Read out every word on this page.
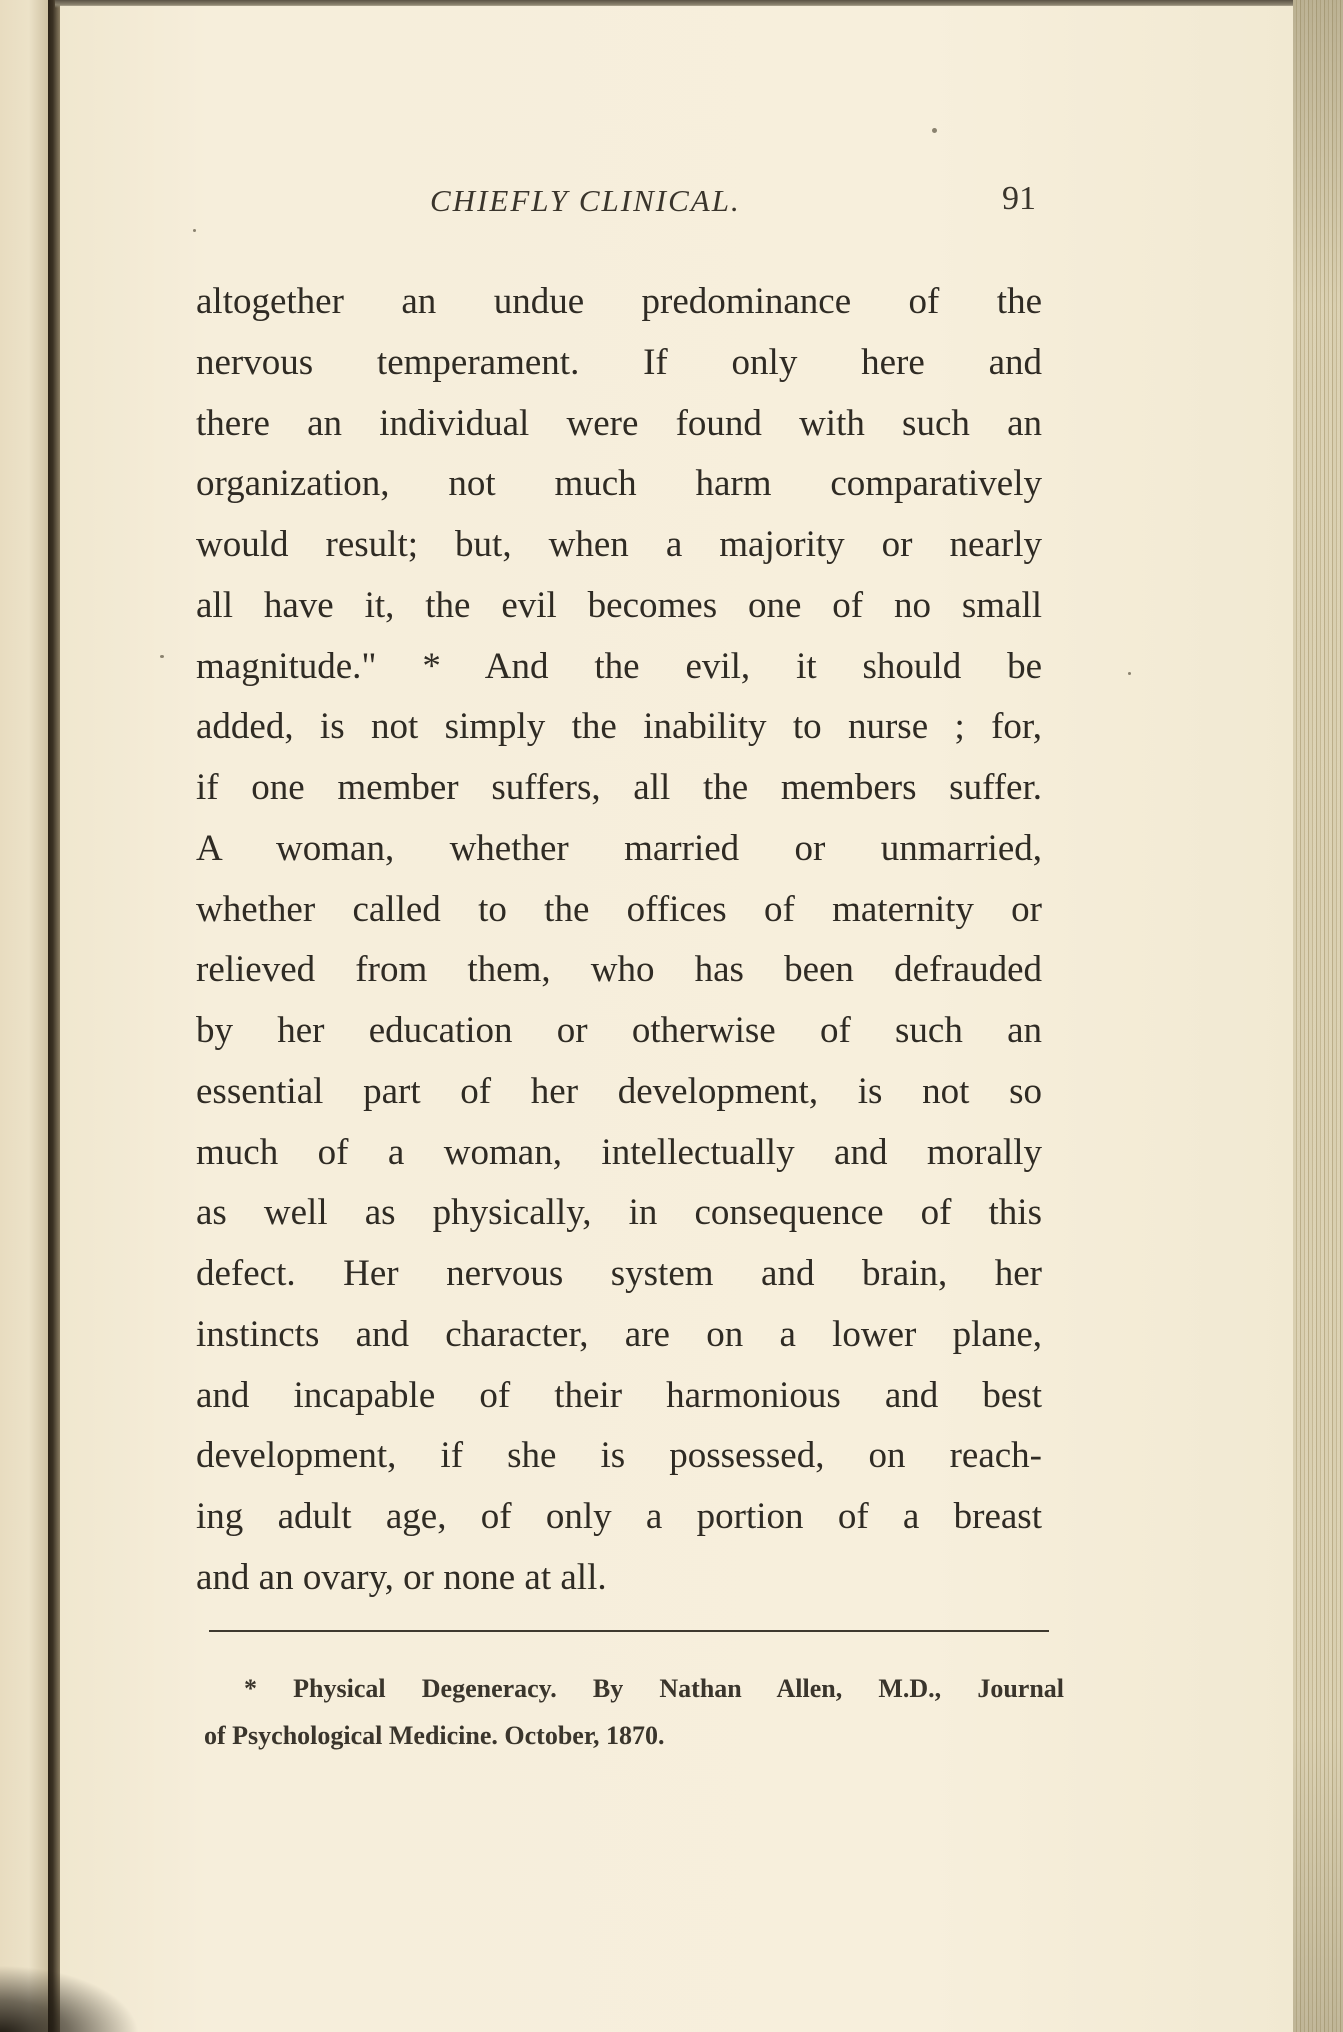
CHIEFLY CLINICAL.	91
altogether an undue predominance of the
nervous temperament. If only here and
there an individual were found with such an
organization, not much harm comparatively
would result; but, when a majority or nearly
all have it, the evil becomes one of no small
magnitude." * And the evil, it should be
added, is not simply the inability to nurse ; for,
if one member suffers, all the members suffer.
A woman, whether married or unmarried,
whether called to the offices of maternity or
relieved from them, who has been defrauded
by her education or otherwise of such an
essential part of her development, is not so
much of a woman, intellectually and morally
as well as physically, in consequence of this
defect. Her nervous system and brain, her
instincts and character, are on a lower plane,
and incapable of their harmonious and best
development, if she is possessed, on reach-
ing adult age, of only a portion of a breast
and an ovary, or none at all.
* Physical Degeneracy. By Nathan Allen, M.D., Journal
of Psychological Medicine. October, 1870.
